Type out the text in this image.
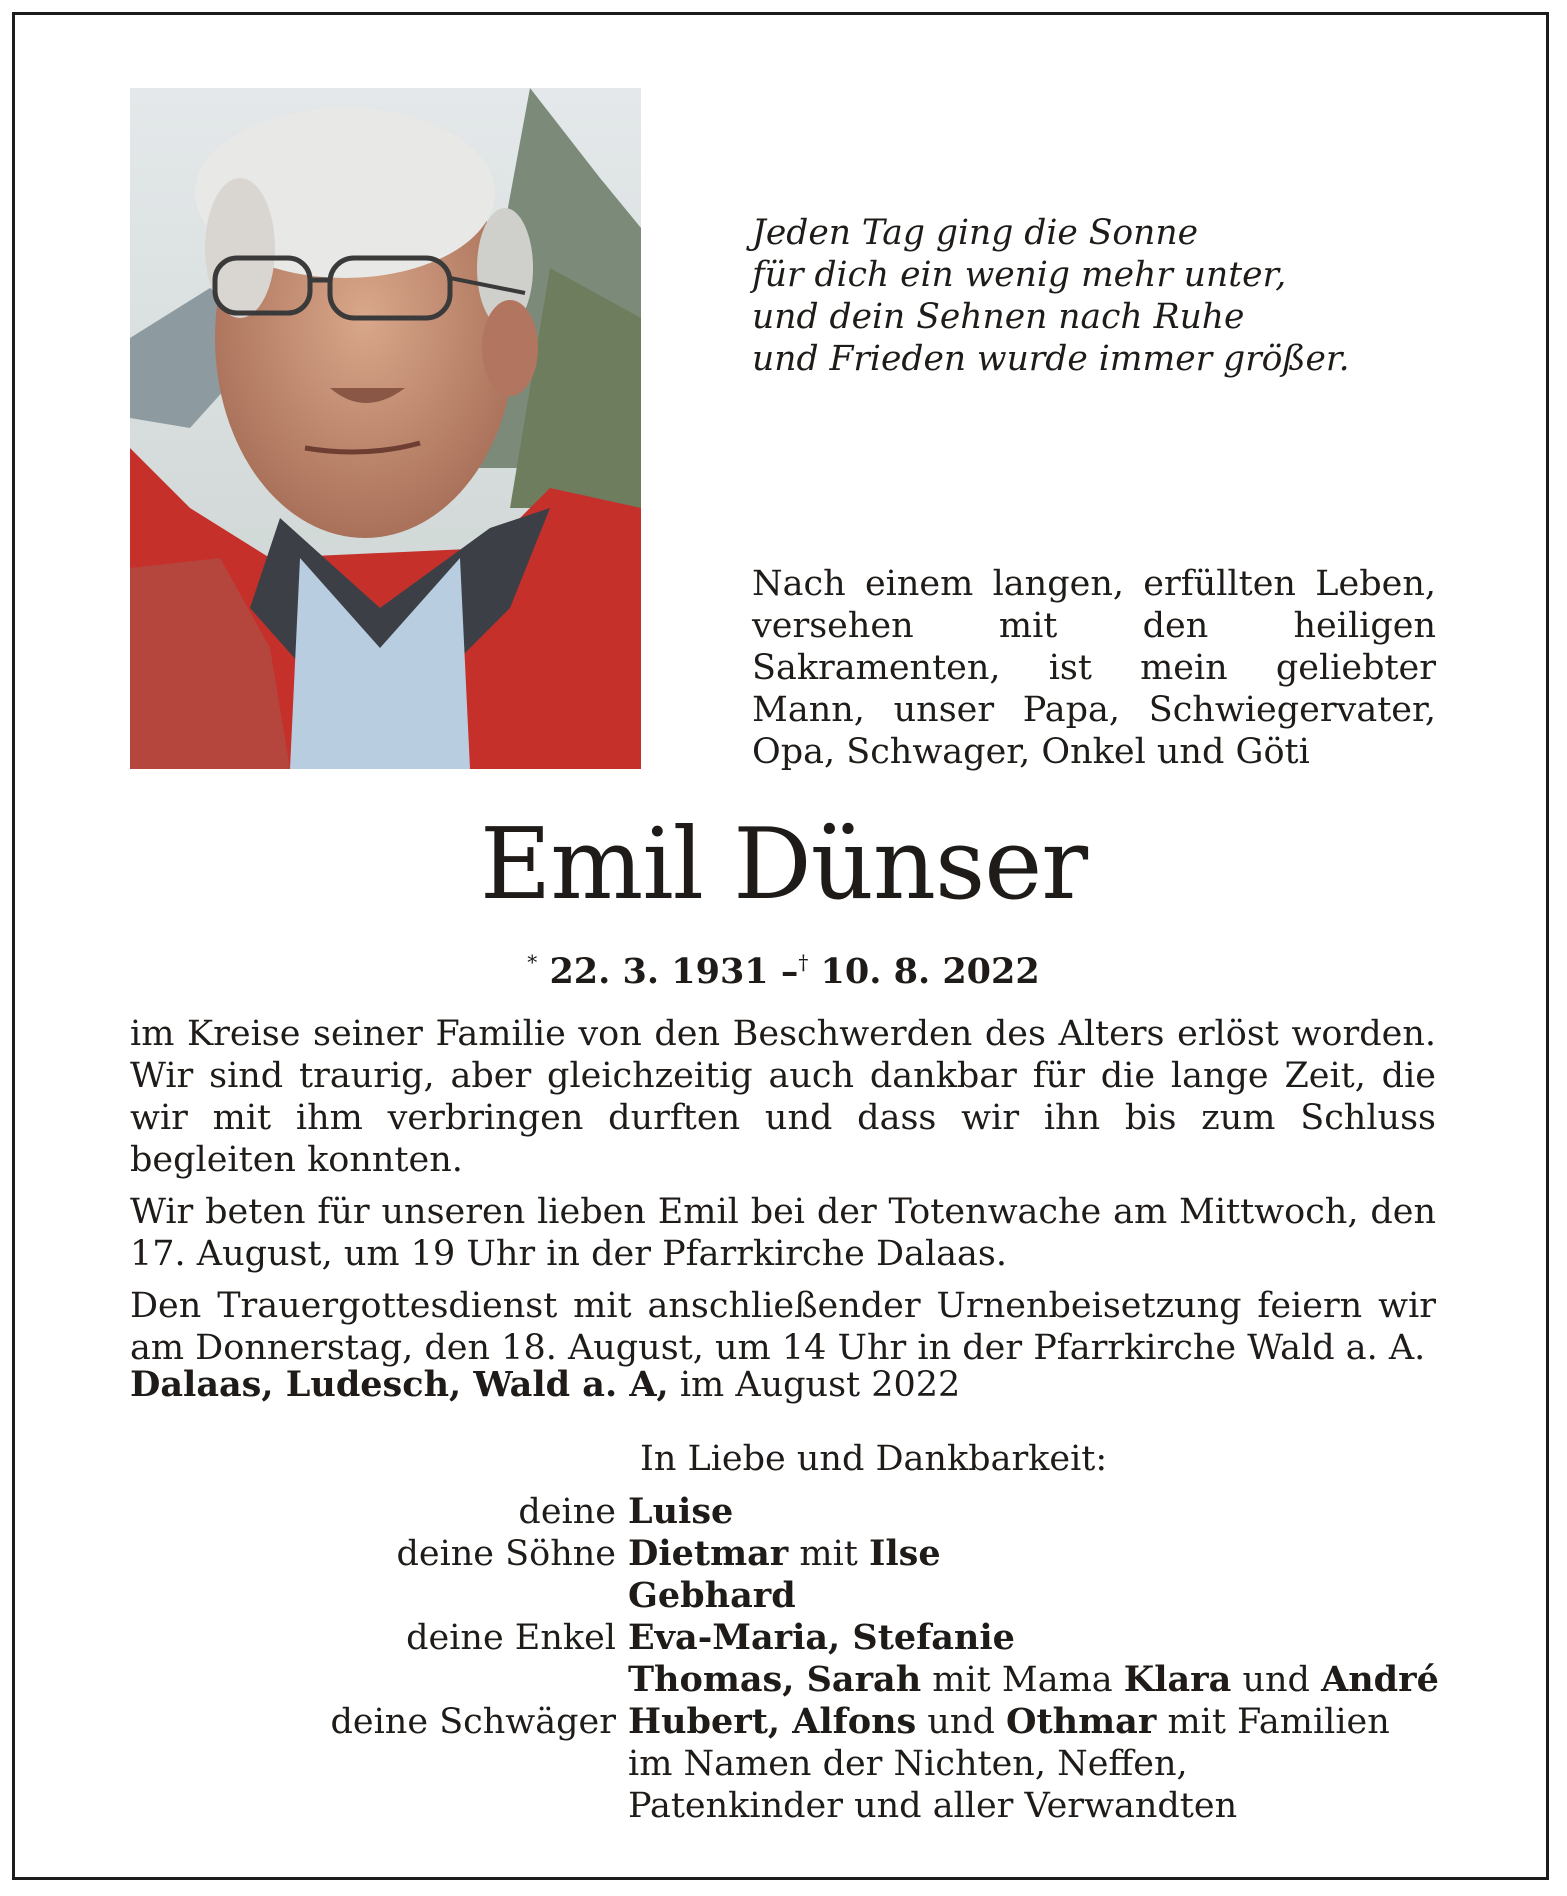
Jeden Tag ging die Sonne
für dich ein wenig mehr unter,
und dein Sehnen nach Ruhe
und Frieden wurde immer größer.
Nach einem langen, erfüllten Leben, versehen mit den heiligen Sakramenten, ist mein geliebter Mann, unser Papa, Schwiegervater, Opa, Schwager, Onkel und Göti
Emil Dünser
* 22. 3. 1931 –† 10. 8. 2022

im Kreise seiner Familie von den Beschwerden des Alters erlöst worden. Wir sind traurig, aber gleichzeitig auch dankbar für die lange Zeit, die wir mit ihm verbringen durften und dass wir ihn bis zum Schluss begleiten konnten.

Wir beten für unseren lieben Emil bei der Totenwache am Mittwoch, den 17. August, um 19 Uhr in der Pfarrkirche Dalaas.

Den Trauergottesdienst mit anschließender Urnenbeisetzung feiern wir am Donnerstag, den 18. August, um 14 Uhr in der Pfarrkirche Wald a. A.

Dalaas, Ludesch, Wald a. A, im August 2022
In Liebe und Dankbarkeit:
deine Luise
deine Söhne Dietmar mit Ilse
Gebhard
deine Enkel Eva-Maria, Stefanie
Thomas, Sarah mit Mama Klara und André
deine Schwäger Hubert, Alfons und Othmar mit Familien
im Namen der Nichten, Neffen,
Patenkinder und aller Verwandten
